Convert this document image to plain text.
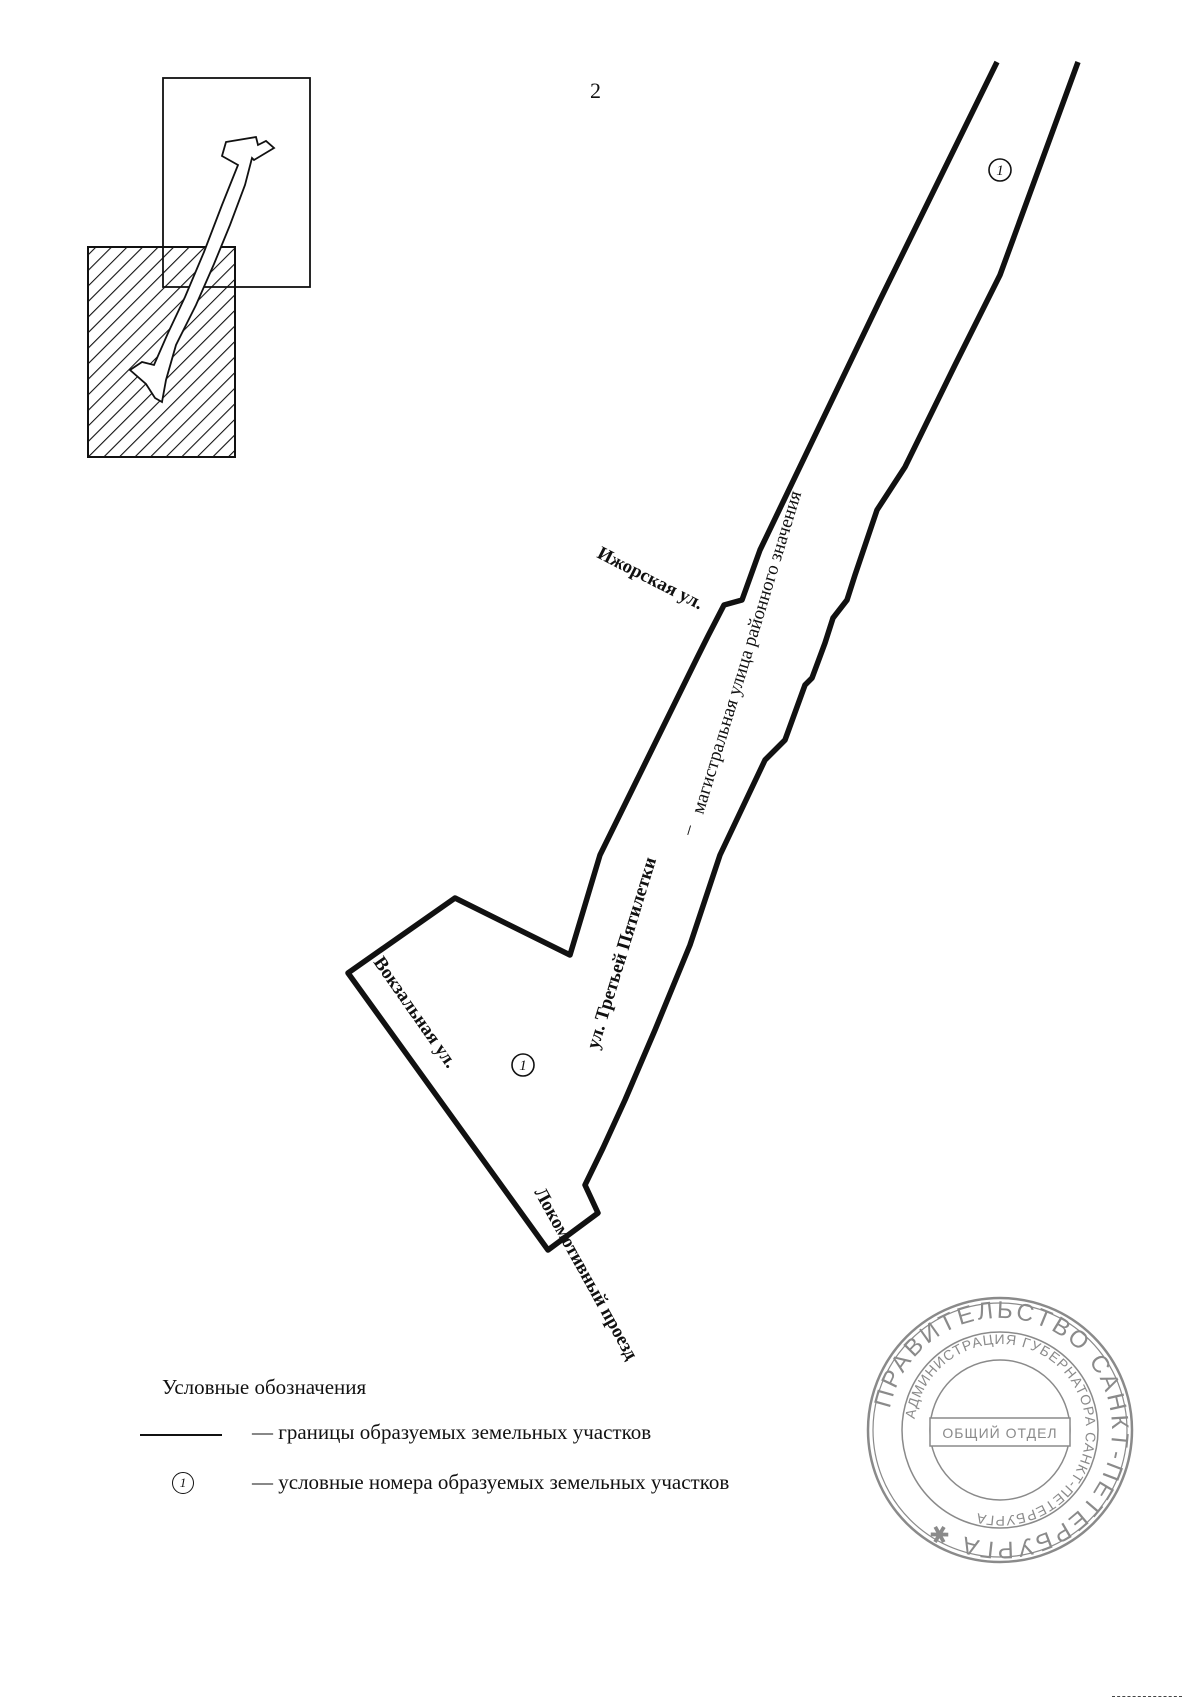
2
1
1
Ижорская ул.
ул. Третьей Пятилетки
–
магистральная улица районного значения
Вокзальная ул.
Локомотивный проезд
ПРАВИТЕЛЬСТВО САНКТ-ПЕТЕРБУРГА ✱
АДМИНИСТРАЦИЯ ГУБЕРНАТОРА САНКТ-ПЕТЕРБУРГА
ОБЩИЙ ОТДЕЛ
Условные обозначения
— границы образуемых земельных участков
1	— условные номера образуемых земельных участков
